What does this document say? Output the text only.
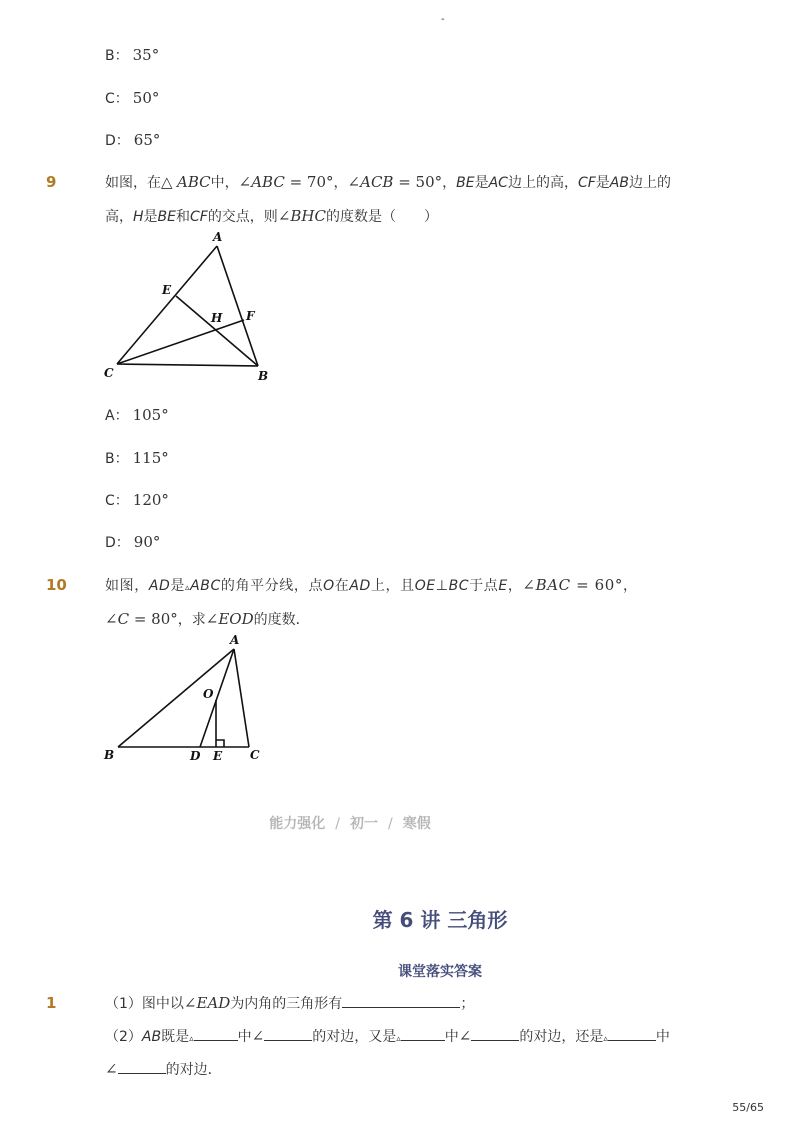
-
B： 35°
C： 50°
D： 65°
9	如图，在△ ABC中，∠ABC = 70°，∠ACB = 50°，BE是AC边上的高，CF是AB边上的
高，H是BE和CF的交点，则∠BHC的度数是（　　）
A
E
H F
C	B
A： 105°
B： 115°
C： 120°
D： 90°
10	如图，AD是▵ABC的角平分线，点O在AD上，且OE⊥BC于点E，∠BAC = 60°，
∠C = 80°，求∠EOD的度数．
A
O
B	D E C
能力强化 / 初一 / 寒假
第 6 讲 三角形
课堂落实答案
1	（1）图中以∠EAD为内角的三角形有	；
（2）AB既是▵	中∠	的对边，又是▵	中∠	的对边，还是▵	中
∠	的对边．
55/65
